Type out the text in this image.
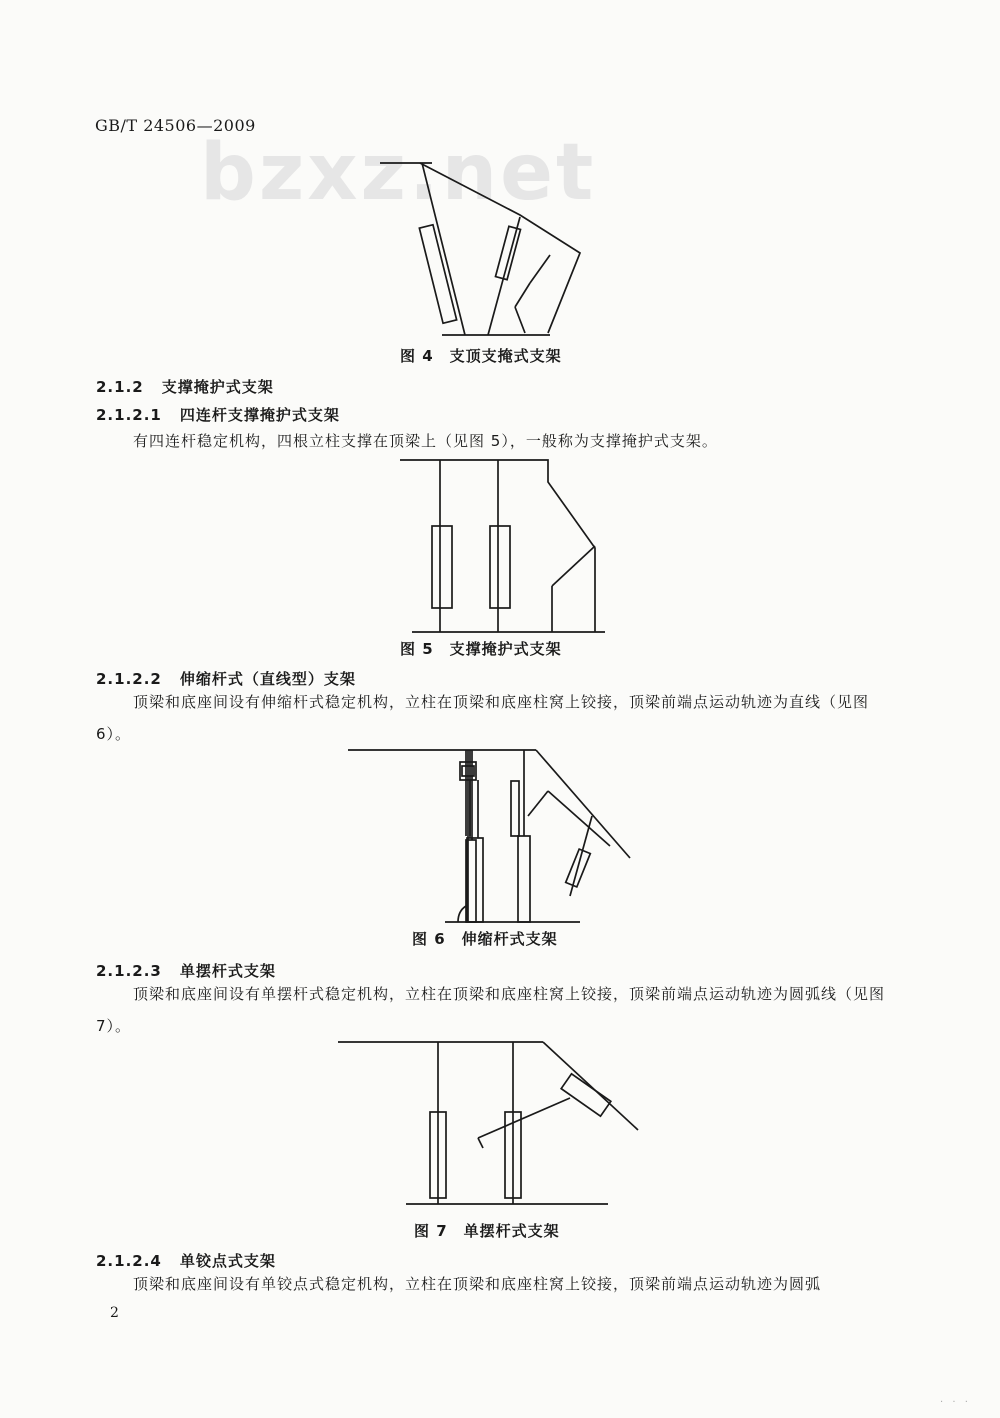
GB/T 24506—2009
bzxz.net
图 4 支顶支掩式支架
2.1.2 支撑掩护式支架
2.1.2.1 四连杆支撑掩护式支架
有四连杆稳定机构，四根立柱支撑在顶梁上（见图 5），一般称为支撑掩护式支架。
图 5 支撑掩护式支架
2.1.2.2 伸缩杆式（直线型）支架
顶梁和底座间设有伸缩杆式稳定机构，立柱在顶梁和底座柱窝上铰接，顶梁前端点运动轨迹为直线（见图 6）。
图 6 伸缩杆式支架
2.1.2.3 单摆杆式支架
顶梁和底座间设有单摆杆式稳定机构，立柱在顶梁和底座柱窝上铰接，顶梁前端点运动轨迹为圆弧线（见图 7）。
图 7 单摆杆式支架
2.1.2.4 单铰点式支架
顶梁和底座间设有单铰点式稳定机构，立柱在顶梁和底座柱窝上铰接，顶梁前端点运动轨迹为圆弧
2
· · ·
